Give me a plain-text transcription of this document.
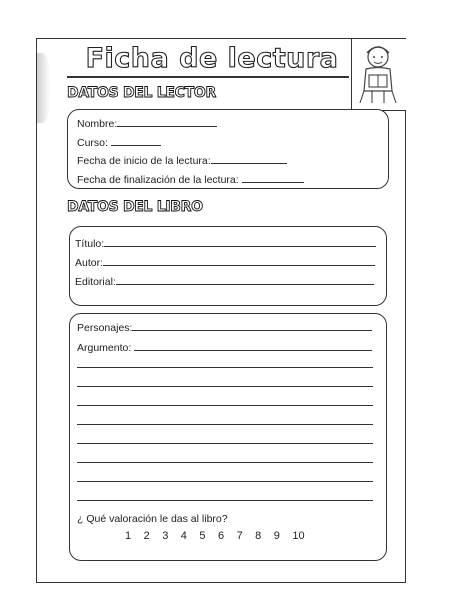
Ficha de lectura
DATOS DEL LECTOR
Nombre:
Curso:
Fecha de inicio de la lectura:
Fecha de finalización de la lectura:
DATOS DEL LIBRO
Título:
Autor:
Editorial:
Personajes:
Argumento:
¿ Qué valoración le das al libro?
1 2 3 4 5 6 7 8 9 10
